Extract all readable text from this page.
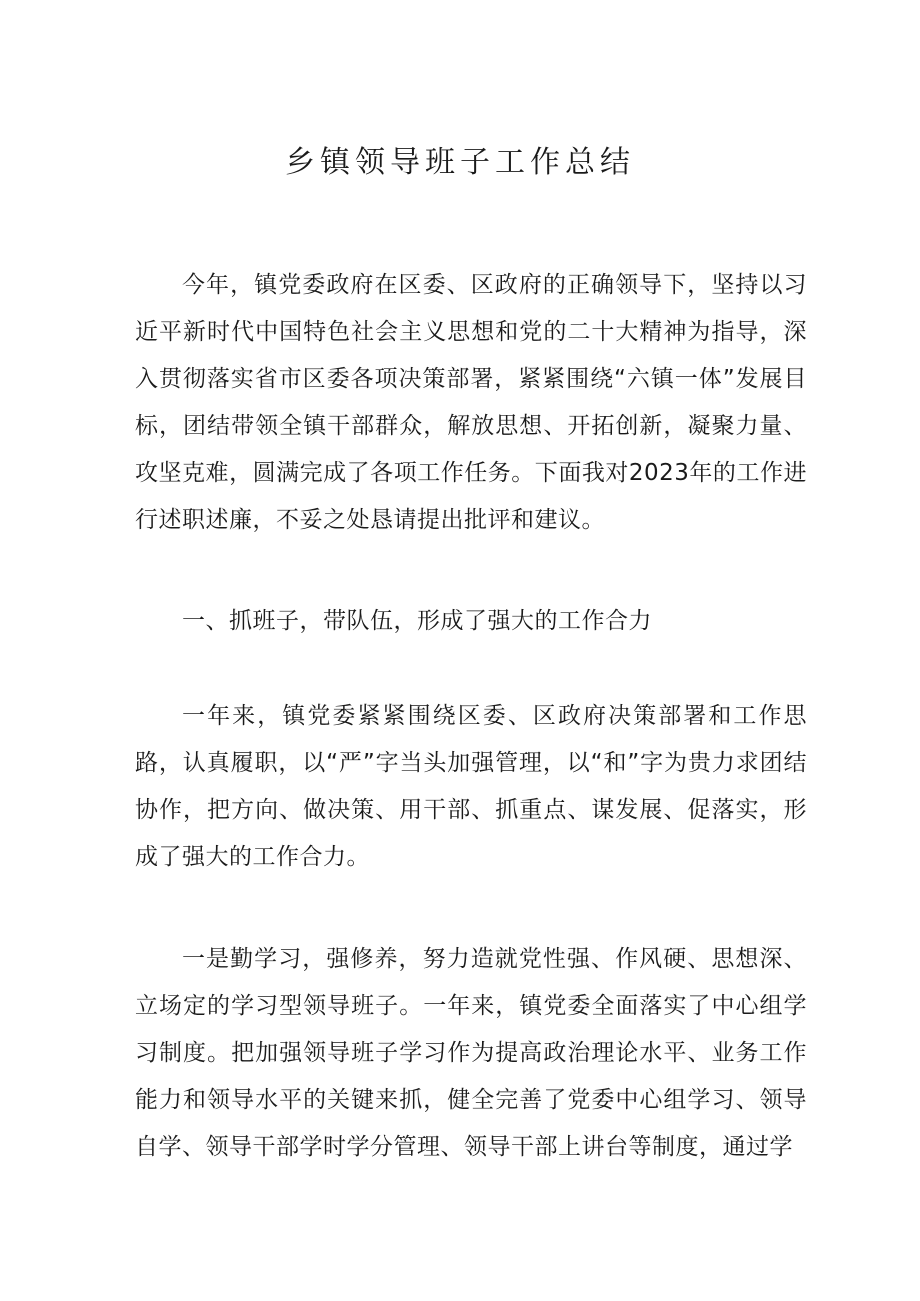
乡镇领导班子工作总结

今年，镇党委政府在区委、区政府的正确领导下，坚持以习近平新时代中国特色社会主义思想和党的二十大精神为指导，深入贯彻落实省市区委各项决策部署，紧紧围绕“六镇一体”发展目标，团结带领全镇干部群众，解放思想、开拓创新，凝聚力量、攻坚克难，圆满完成了各项工作任务。下面我对2023年的工作进行述职述廉，不妥之处恳请提出批评和建议。

一、抓班子，带队伍，形成了强大的工作合力

一年来，镇党委紧紧围绕区委、区政府决策部署和工作思路，认真履职，以“严”字当头加强管理，以“和”字为贵力求团结协作，把方向、做决策、用干部、抓重点、谋发展、促落实，形成了强大的工作合力。

一是勤学习，强修养，努力造就党性强、作风硬、思想深、立场定的学习型领导班子。一年来，镇党委全面落实了中心组学习制度。把加强领导班子学习作为提高政治理论水平、业务工作能力和领导水平的关键来抓，健全完善了党委中心组学习、领导自学、领导干部学时学分管理、领导干部上讲台等制度，通过学
